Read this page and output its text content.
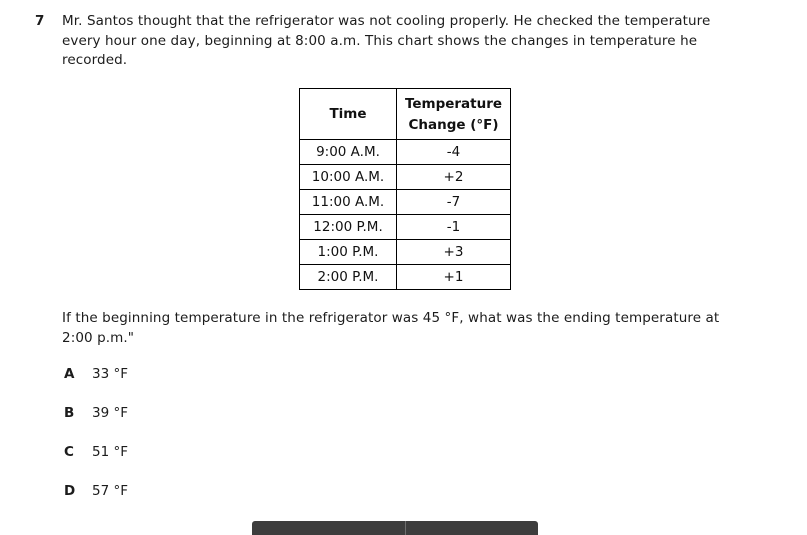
7	Mr. Santos thought that the refrigerator was not cooling properly. He checked the temperature every hour one day, beginning at 8:00 a.m. This chart shows the changes in temperature he recorded.
Time	Temperature Change (°F)
9:00 A.M.	-4
10:00 A.M.	+2
11:00 A.M.	-7
12:00 P.M.	-1
1:00 P.M.	+3
2:00 P.M.	+1
If the beginning temperature in the refrigerator was 45 °F, what was the ending temperature at 2:00 p.m."
A	33 °F
B	39 °F
C	51 °F
D	57 °F
